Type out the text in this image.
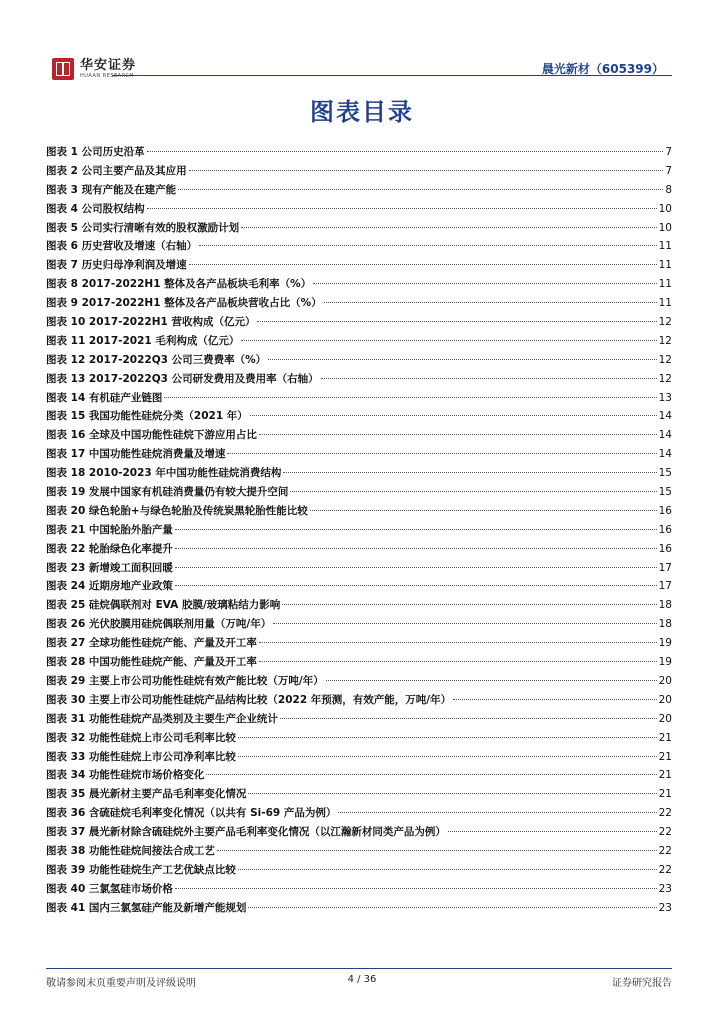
华安证券
HUAAN RESEARCH	晨光新材（605399）
图表目录
图表 1 公司历史沿革	7
图表 2 公司主要产品及其应用	7
图表 3 现有产能及在建产能	8
图表 4 公司股权结构	10
图表 5 公司实行清晰有效的股权激励计划	10
图表 6 历史营收及增速（右轴）	11
图表 7 历史归母净利润及增速	11
图表 8 2017-2022H1 整体及各产品板块毛利率（%）	11
图表 9 2017-2022H1 整体及各产品板块营收占比（%）	11
图表 10 2017-2022H1 营收构成（亿元）	12
图表 11 2017-2021 毛利构成（亿元）	12
图表 12 2017-2022Q3 公司三费费率（%）	12
图表 13 2017-2022Q3 公司研发费用及费用率（右轴）	12
图表 14 有机硅产业链图	13
图表 15 我国功能性硅烷分类（2021 年）	14
图表 16 全球及中国功能性硅烷下游应用占比	14
图表 17 中国功能性硅烷消费量及增速	14
图表 18 2010-2023 年中国功能性硅烷消费结构	15
图表 19 发展中国家有机硅消费量仍有较大提升空间	15
图表 20 绿色轮胎+与绿色轮胎及传统炭黑轮胎性能比较	16
图表 21 中国轮胎外胎产量	16
图表 22 轮胎绿色化率提升	16
图表 23 新增竣工面积回暖	17
图表 24 近期房地产业政策	17
图表 25 硅烷偶联剂对 EVA 胶膜/玻璃粘结力影响	18
图表 26 光伏胶膜用硅烷偶联剂用量（万吨/年）	18
图表 27 全球功能性硅烷产能、产量及开工率	19
图表 28 中国功能性硅烷产能、产量及开工率	19
图表 29 主要上市公司功能性硅烷有效产能比较（万吨/年）	20
图表 30 主要上市公司功能性硅烷产品结构比较（2022 年预测，有效产能，万吨/年）	20
图表 31 功能性硅烷产品类别及主要生产企业统计	20
图表 32 功能性硅烷上市公司毛利率比较	21
图表 33 功能性硅烷上市公司净利率比较	21
图表 34 功能性硅烷市场价格变化	21
图表 35 晨光新材主要产品毛利率变化情况	21
图表 36 含硫硅烷毛利率变化情况（以共有 Si-69 产品为例）	22
图表 37 晨光新材除含硫硅烷外主要产品毛利率变化情况（以江瀚新材同类产品为例）	22
图表 38 功能性硅烷间接法合成工艺	22
图表 39 功能性硅烷生产工艺优缺点比较	22
图表 40 三氯氢硅市场价格	23
图表 41 国内三氯氢硅产能及新增产能规划	23
敬请参阅末页重要声明及评级说明	4 / 36	证券研究报告
